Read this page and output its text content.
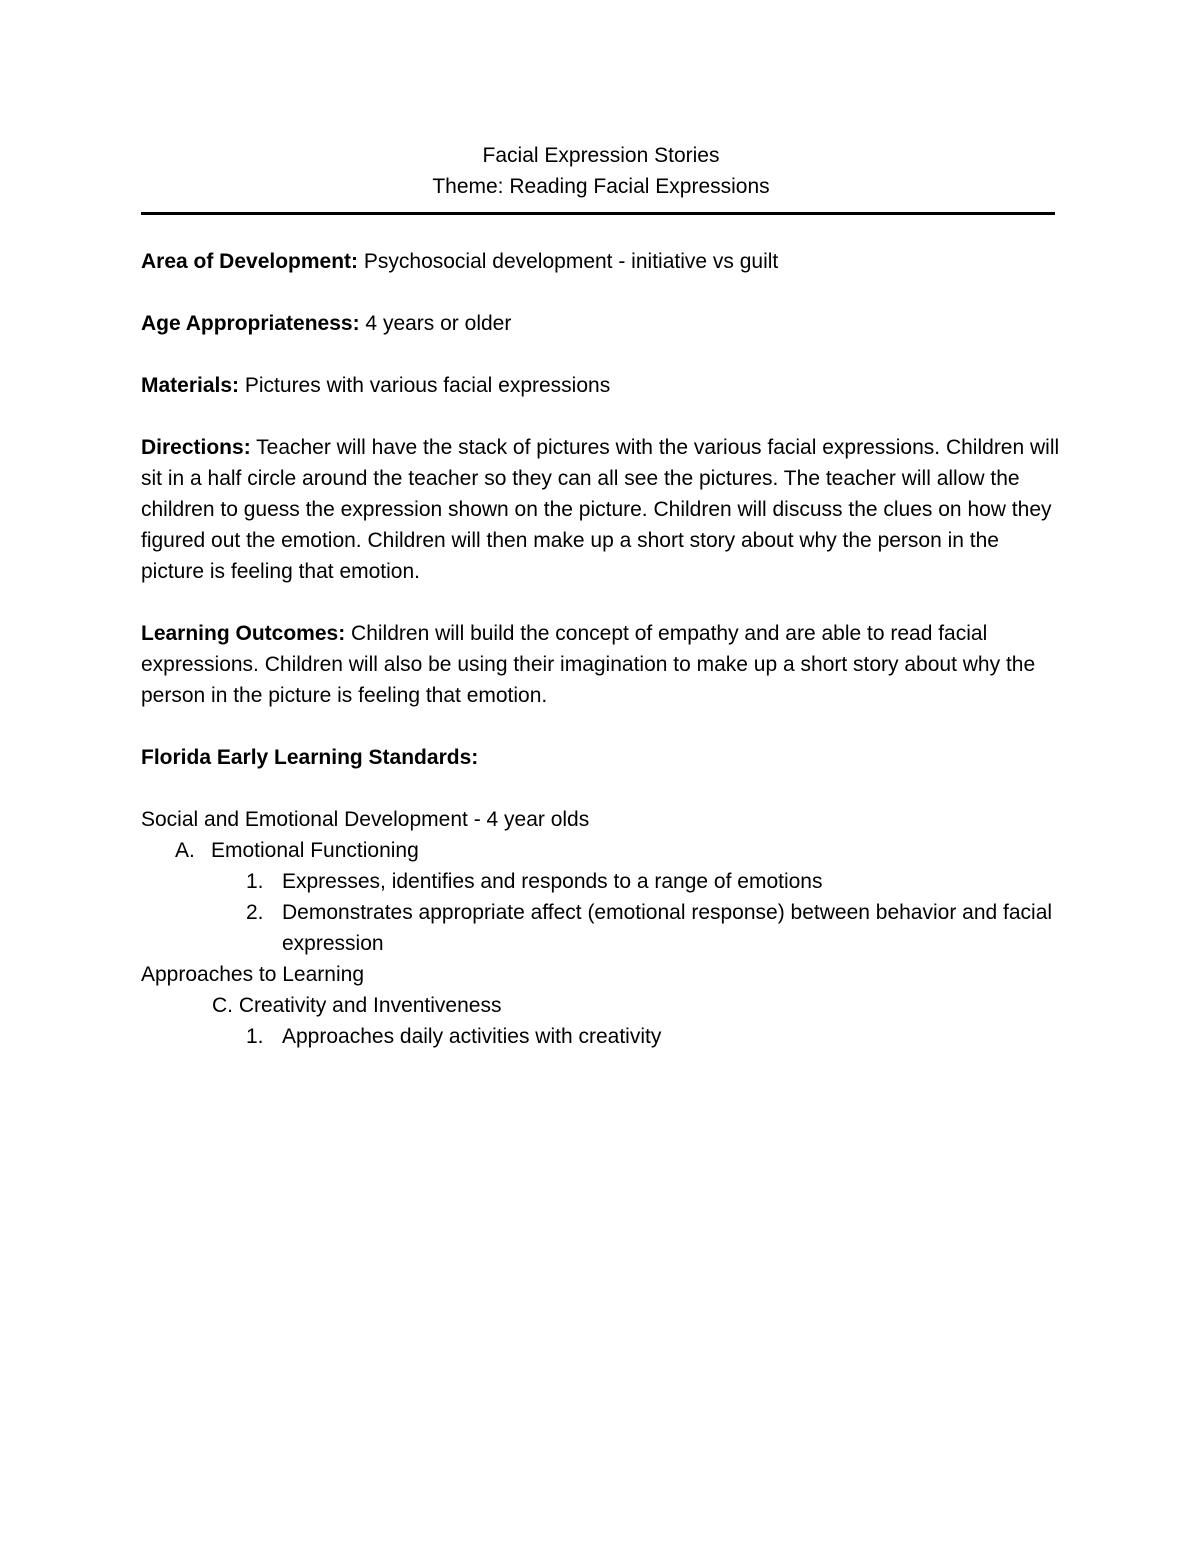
Facial Expression Stories

Theme: Reading Facial Expressions

Area of Development: Psychosocial development - initiative vs guilt

Age Appropriateness: 4 years or older

Materials: Pictures with various facial expressions

Directions: Teacher will have the stack of pictures with the various facial expressions. Children will sit in a half circle around the teacher so they can all see the pictures. The teacher will allow the children to guess the expression shown on the picture. Children will discuss the clues on how they figured out the emotion. Children will then make up a short story about why the person in the picture is feeling that emotion.

Learning Outcomes: Children will build the concept of empathy and are able to read facial expressions. Children will also be using their imagination to make up a short story about why the person in the picture is feeling that emotion.

Florida Early Learning Standards:

Social and Emotional Development - 4 year olds

A. Emotional Functioning
1. Expresses, identifies and responds to a range of emotions
2. Demonstrates appropriate affect (emotional response) between behavior and facial expression

Approaches to Learning

C. Creativity and Inventiveness

1. Approaches daily activities with creativity
